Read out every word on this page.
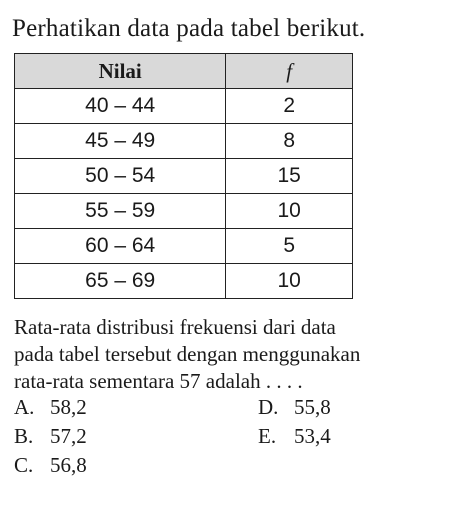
Perhatikan data pada tabel berikut.
Nilai	f
40 – 44	2
45 – 49	8
50 – 54	15
55 – 59	10
60 – 64	5
65 – 69	10

Rata-rata distribusi frekuensi dari data

pada tabel tersebut dengan menggunakan

rata-rata sementara 57 adalah . . . .

A. 58,2
B. 57,2
C. 56,8
D. 55,8
E. 53,4
